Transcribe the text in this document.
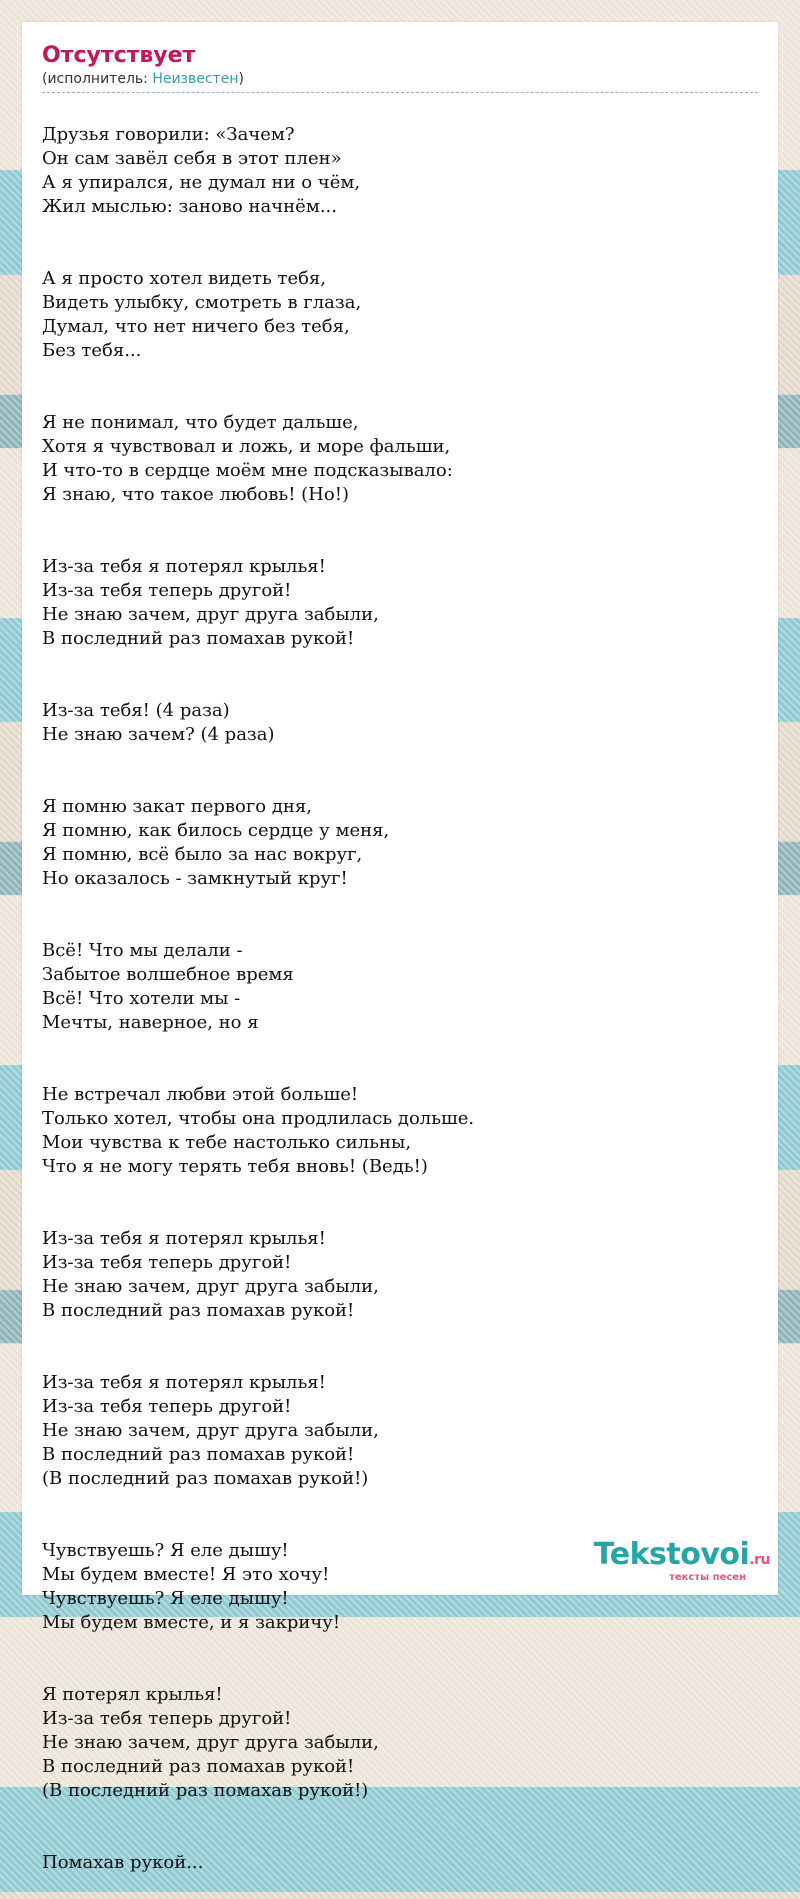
Отсутствует
(исполнитель: Неизвестен)

Друзья говорили: «Зачем?
Он сам завёл себя в этот плен»
А я упирался, не думал ни о чём,
Жил мыслью: заново начнём...

А я просто хотел видеть тебя,
Видеть улыбку, смотреть в глаза,
Думал, что нет ничего без тебя,
Без тебя...

Я не понимал, что будет дальше,
Хотя я чувствовал и ложь, и море фальши,
И что-то в сердце моём мне подсказывало:
Я знаю, что такое любовь! (Но!)

Из-за тебя я потерял крылья!
Из-за тебя теперь другой!
Не знаю зачем, друг друга забыли,
В последний раз помахав рукой!

Из-за тебя! (4 раза)
Не знаю зачем? (4 раза)

Я помню закат первого дня,
Я помню, как билось сердце у меня,
Я помню, всё было за нас вокруг,
Но оказалось - замкнутый круг!

Всё! Что мы делали -
Забытое волшебное время
Всё! Что хотели мы -
Мечты, наверное, но я

Не встречал любви этой больше!
Только хотел, чтобы она продлилась дольше.
Мои чувства к тебе настолько сильны,
Что я не могу терять тебя вновь! (Ведь!)

Из-за тебя я потерял крылья!
Из-за тебя теперь другой!
Не знаю зачем, друг друга забыли,
В последний раз помахав рукой!

Из-за тебя я потерял крылья!
Из-за тебя теперь другой!
Не знаю зачем, друг друга забыли,
В последний раз помахав рукой!
(В последний раз помахав рукой!)

Чувствуешь? Я еле дышу!
Мы будем вместе! Я это хочу!
Чувствуешь? Я еле дышу!
Мы будем вместе, и я закричу!

Я потерял крылья!
Из-за тебя теперь другой!
Не знаю зачем, друг друга забыли,
В последний раз помахав рукой!
(В последний раз помахав рукой!)

Помахав рукой...

Tekstovoi.ru
тексты песен
